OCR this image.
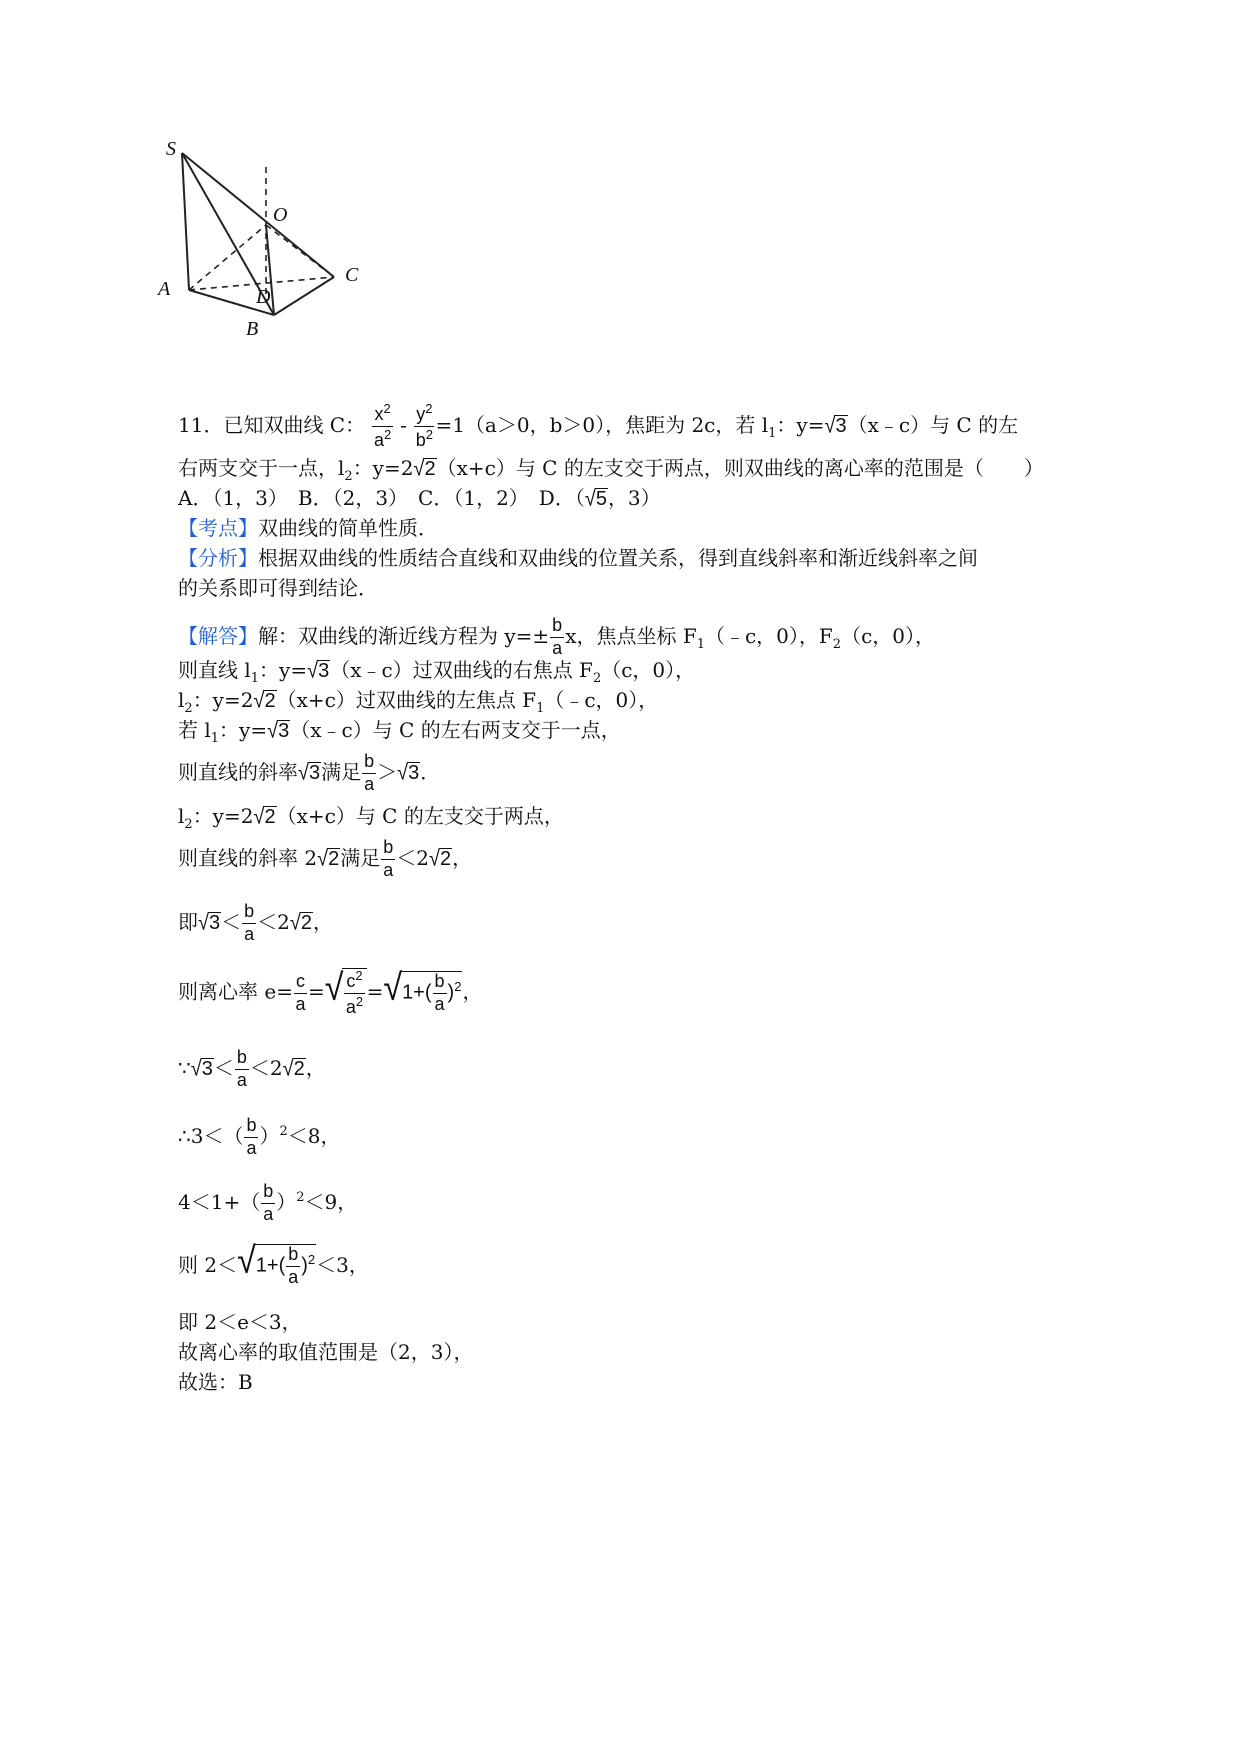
S
O
C
A	D
B
11．已知双曲线 C： $\frac{x^2}{a^2} - \frac{y^2}{b^2} =1(a>0$，b＞0），焦距为 2c，若 $l_1$：y=√3（x﹣c）与 C 的左
右两支交于一点，$l_2$：y=2√2（x+c）与 C 的左支交于两点，则双曲线的离心率的范围是（　　）
A．（1，3）　B．（2，3）　C．（1，2）　D．（√5，3）
【考点】双曲线的简单性质．
【分析】根据双曲线的性质结合直线和双曲线的位置关系，得到直线斜率和渐近线斜率之间
的关系即可得到结论．
【解答】解：双曲线的渐近线方程为 $y=\pm \frac{b}{a}$ x，焦点坐标 $F_1(﹣c$，0），$F_2(c$，0），
则直线 $l_1$：y=√3（x﹣c）过双曲线的右焦点 $F_2(c$，0），
$l_2$：y=2√2（x+c）过双曲线的左焦点 $F_1(﹣c$，0），
若 $l_1$：y=√3（x﹣c）与 C 的左右两支交于一点，
则直线的斜率√3满足 $\frac{b}{a} >√3$．
$l_2$：y=2√2（x+c）与 C 的左支交于两点，
则直线的斜率 2√2满足 $\frac{b}{a} <2√2$，
即$√3< \frac{b}{a} <2√2$，
则离心率 $e= \frac{c}{a}$ =√ $\frac{c^2}{a^2} =√1+( \frac{b}{a} )^2$，
∵√3＜ $\frac{b}{a} <2√2$，
∴3＜（ $\frac{b}{a} )^2<8$，
$4<1+( \frac{b}{a} )^2<9$，
则 $2<√1+( \frac{b}{a} )^2<3$，
即 2＜e＜3，
故离心率的取值范围是（2，3），
故选：B
